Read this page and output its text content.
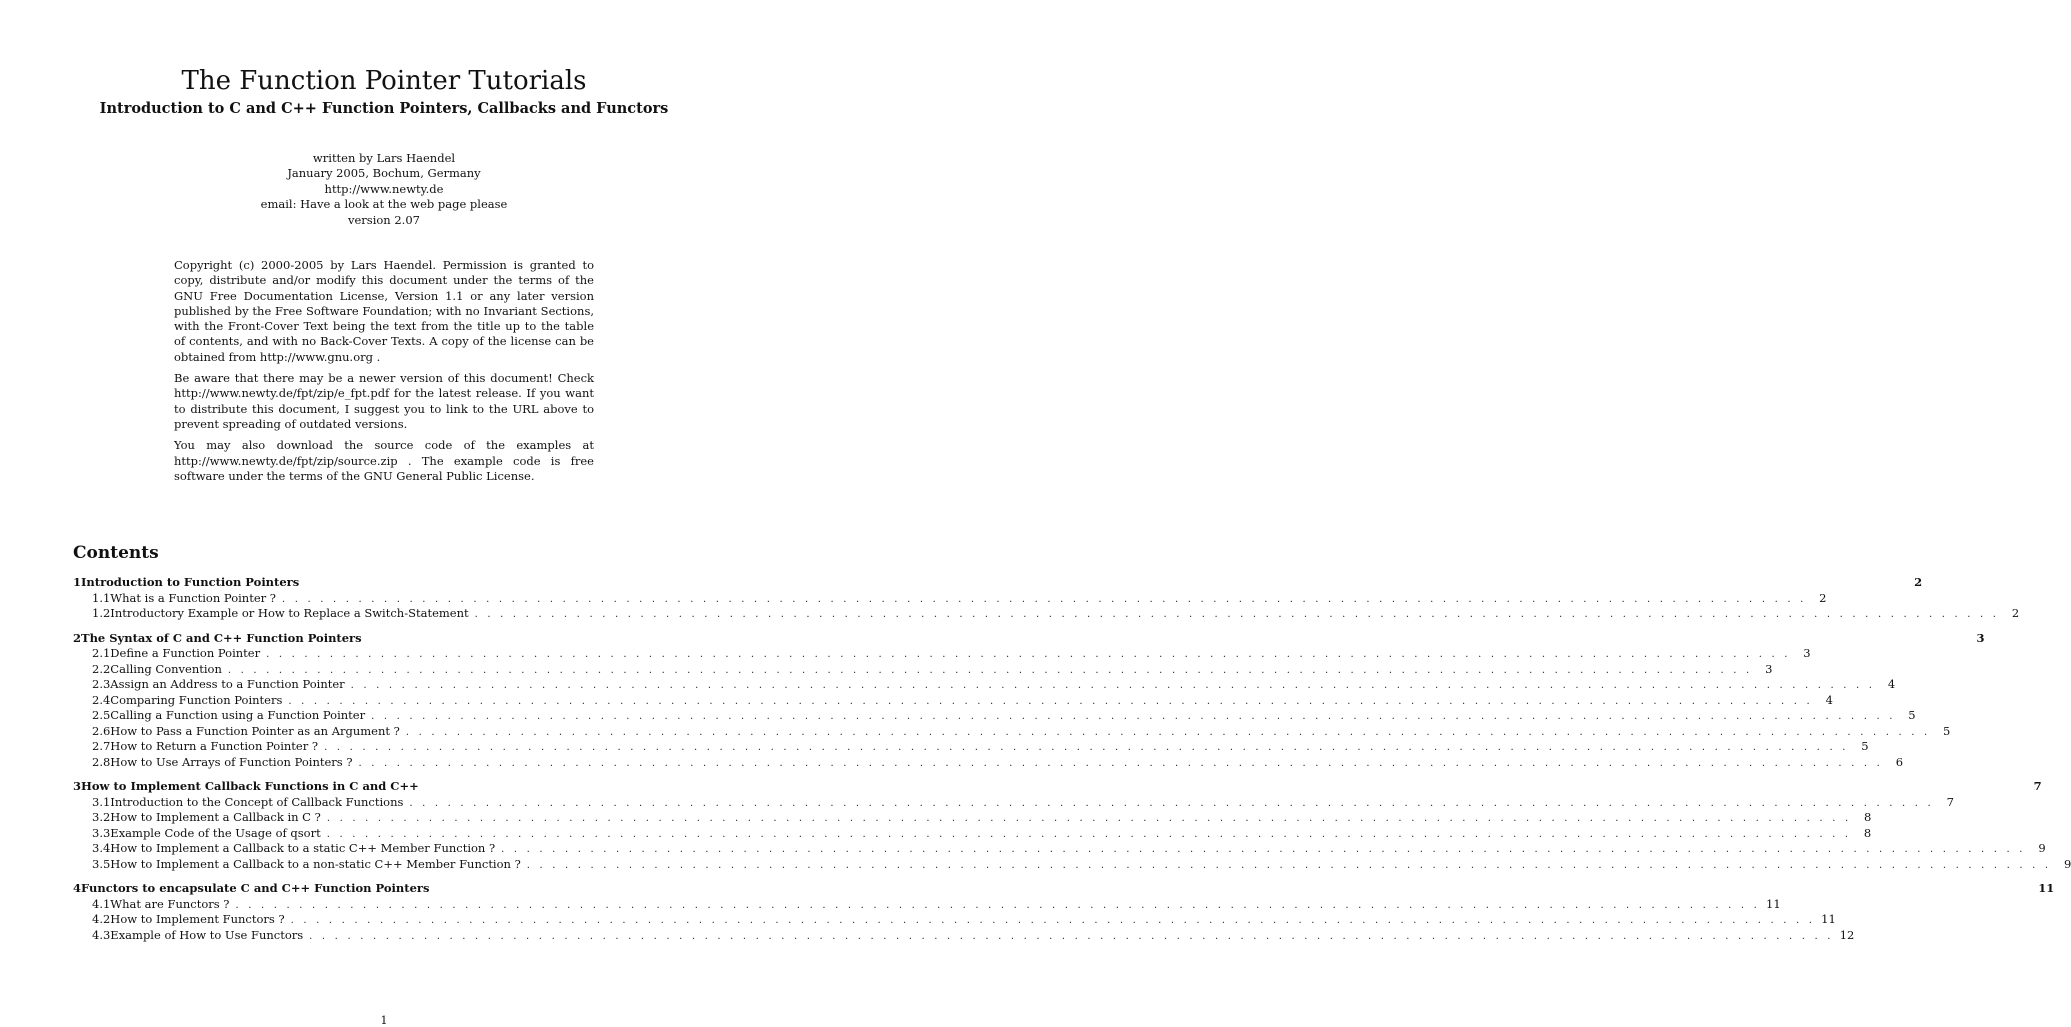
The Function Pointer Tutorials
Introduction to C and C++ Function Pointers, Callbacks and Functors
written by Lars Haendel
January 2005, Bochum, Germany
http://www.newty.de
email: Have a look at the web page please
version 2.07

Copyright (c) 2000-2005 by Lars Haendel. Permission is granted to copy, distribute and/or modify this document under the terms of the GNU Free Documentation License, Version 1.1 or any later version published by the Free Software Foundation; with no Invariant Sections, with the Front-Cover Text being the text from the title up to the table of contents, and with no Back-Cover Texts. A copy of the license can be obtained from http://www.gnu.org .

Be aware that there may be a newer version of this document! Check http://www.newty.de/fpt/zip/e_fpt.pdf for the latest release. If you want to distribute this document, I suggest you to link to the URL above to prevent spreading of outdated versions.

You may also download the source code of the examples at http://www.newty.de/fpt/zip/source.zip . The example code is free software under the terms of the GNU General Public License.

Contents
1 Introduction to Function Pointers	2
1.1 What is a Function Pointer ? . . . . . . . . . . . . . . . . . . . . . . . . . . . . . . . . . . . . . . . . . . . . . . . . . . . . . . . . . . . . . . . . . . . . . . . . . . . . . . . . . . . . . . . . . . . . . . . . . . . . . . . . . . . . . . . . . . . . . . . .	2
1.2 Introductory Example or How to Replace a Switch-Statement . . . . . . . . . . . . . . . . . . . . . . . . . . . . . . . . . . . . . . . . . . . . . . . . . . . . . . . . . . . . . . . . . . . . . . . . . . . . . . . . . . . . . . . . . . . . . . . . . . . . . . . . . . . . . . . . . . . . . . . .	2
2 The Syntax of C and C++ Function Pointers	3
2.1 Define a Function Pointer . . . . . . . . . . . . . . . . . . . . . . . . . . . . . . . . . . . . . . . . . . . . . . . . . . . . . . . . . . . . . . . . . . . . . . . . . . . . . . . . . . . . . . . . . . . . . . . . . . . . . . . . . . . . . . . . . . . . . . . .	3
2.2 Calling Convention . . . . . . . . . . . . . . . . . . . . . . . . . . . . . . . . . . . . . . . . . . . . . . . . . . . . . . . . . . . . . . . . . . . . . . . . . . . . . . . . . . . . . . . . . . . . . . . . . . . . . . . . . . . . . . . . . . . . . . . .	3
2.3 Assign an Address to a Function Pointer . . . . . . . . . . . . . . . . . . . . . . . . . . . . . . . . . . . . . . . . . . . . . . . . . . . . . . . . . . . . . . . . . . . . . . . . . . . . . . . . . . . . . . . . . . . . . . . . . . . . . . . . . . . . . . . . . . . . . . . .	4
2.4 Comparing Function Pointers . . . . . . . . . . . . . . . . . . . . . . . . . . . . . . . . . . . . . . . . . . . . . . . . . . . . . . . . . . . . . . . . . . . . . . . . . . . . . . . . . . . . . . . . . . . . . . . . . . . . . . . . . . . . . . . . . . . . . . . .	4
2.5 Calling a Function using a Function Pointer . . . . . . . . . . . . . . . . . . . . . . . . . . . . . . . . . . . . . . . . . . . . . . . . . . . . . . . . . . . . . . . . . . . . . . . . . . . . . . . . . . . . . . . . . . . . . . . . . . . . . . . . . . . . . . . . . . . . . . . .	5
2.6 How to Pass a Function Pointer as an Argument ? . . . . . . . . . . . . . . . . . . . . . . . . . . . . . . . . . . . . . . . . . . . . . . . . . . . . . . . . . . . . . . . . . . . . . . . . . . . . . . . . . . . . . . . . . . . . . . . . . . . . . . . . . . . . . . . . . . . . . . . .	5
2.7 How to Return a Function Pointer ? . . . . . . . . . . . . . . . . . . . . . . . . . . . . . . . . . . . . . . . . . . . . . . . . . . . . . . . . . . . . . . . . . . . . . . . . . . . . . . . . . . . . . . . . . . . . . . . . . . . . . . . . . . . . . . . . . . . . . . . .	5
2.8 How to Use Arrays of Function Pointers ? . . . . . . . . . . . . . . . . . . . . . . . . . . . . . . . . . . . . . . . . . . . . . . . . . . . . . . . . . . . . . . . . . . . . . . . . . . . . . . . . . . . . . . . . . . . . . . . . . . . . . . . . . . . . . . . . . . . . . . . .	6
3 How to Implement Callback Functions in C and C++	7
3.1 Introduction to the Concept of Callback Functions . . . . . . . . . . . . . . . . . . . . . . . . . . . . . . . . . . . . . . . . . . . . . . . . . . . . . . . . . . . . . . . . . . . . . . . . . . . . . . . . . . . . . . . . . . . . . . . . . . . . . . . . . . . . . . . . . . . . . . . .	7
3.2 How to Implement a Callback in C ? . . . . . . . . . . . . . . . . . . . . . . . . . . . . . . . . . . . . . . . . . . . . . . . . . . . . . . . . . . . . . . . . . . . . . . . . . . . . . . . . . . . . . . . . . . . . . . . . . . . . . . . . . . . . . . . . . . . . . . . .	8
3.3 Example Code of the Usage of qsort . . . . . . . . . . . . . . . . . . . . . . . . . . . . . . . . . . . . . . . . . . . . . . . . . . . . . . . . . . . . . . . . . . . . . . . . . . . . . . . . . . . . . . . . . . . . . . . . . . . . . . . . . . . . . . . . . . . . . . . .	8
3.4 How to Implement a Callback to a static C++ Member Function ? . . . . . . . . . . . . . . . . . . . . . . . . . . . . . . . . . . . . . . . . . . . . . . . . . . . . . . . . . . . . . . . . . . . . . . . . . . . . . . . . . . . . . . . . . . . . . . . . . . . . . . . . . . . . . . . . . . . . . . . .	9
3.5 How to Implement a Callback to a non-static C++ Member Function ? . . . . . . . . . . . . . . . . . . . . . . . . . . . . . . . . . . . . . . . . . . . . . . . . . . . . . . . . . . . . . . . . . . . . . . . . . . . . . . . . . . . . . . . . . . . . . . . . . . . . . . . . . . . . . . . . . . . . . . . .	9
4 Functors to encapsulate C and C++ Function Pointers	11
4.1 What are Functors ? . . . . . . . . . . . . . . . . . . . . . . . . . . . . . . . . . . . . . . . . . . . . . . . . . . . . . . . . . . . . . . . . . . . . . . . . . . . . . . . . . . . . . . . . . . . . . . . . . . . . . . . . . . . . . . . . . . . . . . . . 11
4.2 How to Implement Functors ? . . . . . . . . . . . . . . . . . . . . . . . . . . . . . . . . . . . . . . . . . . . . . . . . . . . . . . . . . . . . . . . . . . . . . . . . . . . . . . . . . . . . . . . . . . . . . . . . . . . . . . . . . . . . . . . . . . . . . . . . 11
4.3 Example of How to Use Functors . . . . . . . . . . . . . . . . . . . . . . . . . . . . . . . . . . . . . . . . . . . . . . . . . . . . . . . . . . . . . . . . . . . . . . . . . . . . . . . . . . . . . . . . . . . . . . . . . . . . . . . . . . . . . . . . . . . . . . . . 12
1
